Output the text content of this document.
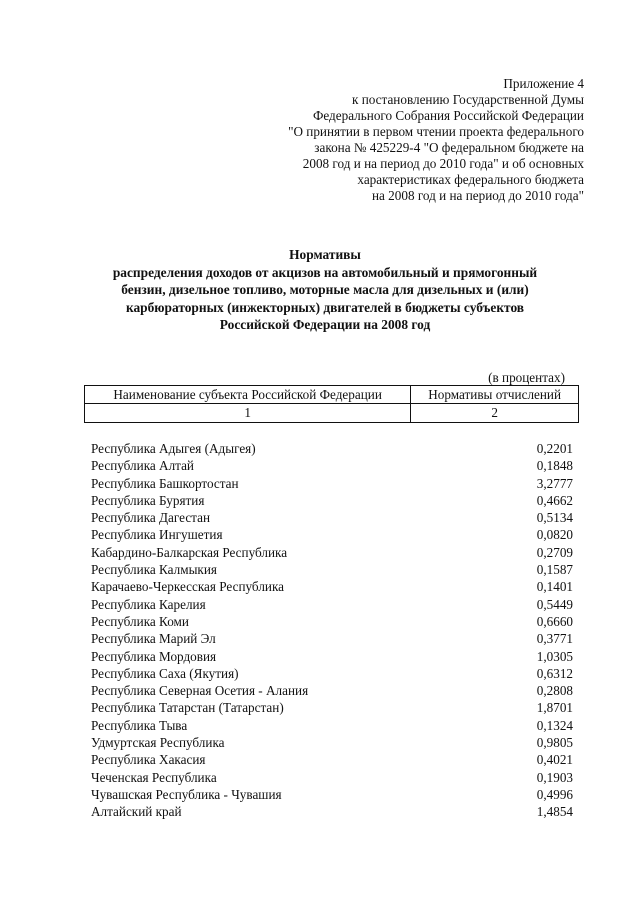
Приложение 4
к постановлению Государственной Думы
Федерального Собрания Российской Федерации
"О принятии в первом чтении проекта федерального
закона № 425229-4 "О федеральном бюджете на
2008 год и на период до 2010 года" и об основных
характеристиках федерального бюджета
на 2008 год и на период до 2010 года"
Нормативы
распределения доходов от акцизов на автомобильный и прямогонный
бензин, дизельное топливо, моторные масла для дизельных и (или)
карбюраторных (инжекторных) двигателей в бюджеты субъектов
Российской Федерации на 2008 год
(в процентах)
Наименование субъекта Российской Федерации	Нормативы отчислений
1	2
Республика Адыгея (Адыгея)	0,2201
Республика Алтай	0,1848
Республика Башкортостан	3,2777
Республика Бурятия	0,4662
Республика Дагестан	0,5134
Республика Ингушетия	0,0820
Кабардино-Балкарская Республика	0,2709
Республика Калмыкия	0,1587
Карачаево-Черкесская Республика	0,1401
Республика Карелия	0,5449
Республика Коми	0,6660
Республика Марий Эл	0,3771
Республика Мордовия	1,0305
Республика Саха (Якутия)	0,6312
Республика Северная Осетия - Алания	0,2808
Республика Татарстан (Татарстан)	1,8701
Республика Тыва	0,1324
Удмуртская Республика	0,9805
Республика Хакасия	0,4021
Чеченская Республика	0,1903
Чувашская Республика - Чувашия	0,4996
Алтайский край	1,4854
